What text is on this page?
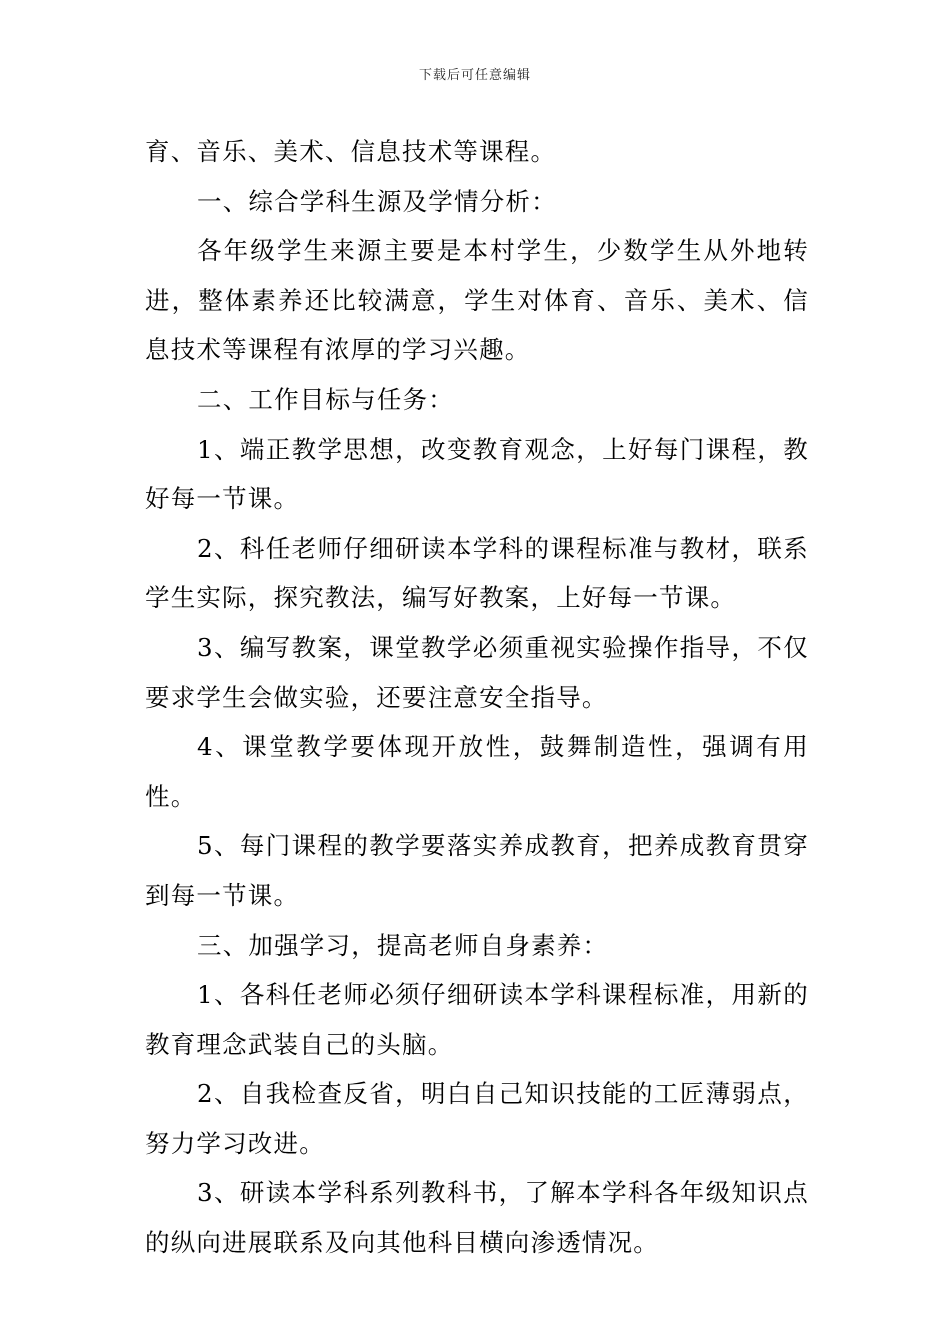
下载后可任意编辑

育、音乐、美术、信息技术等课程。

一、综合学科生源及学情分析：

各年级学生来源主要是本村学生，少数学生从外地转进，整体素养还比较满意，学生对体育、音乐、美术、信息技术等课程有浓厚的学习兴趣。

二、工作目标与任务：

1、端正教学思想，改变教育观念，上好每门课程，教好每一节课。

2、科任老师仔细研读本学科的课程标准与教材，联系学生实际，探究教法，编写好教案，上好每一节课。

3、编写教案，课堂教学必须重视实验操作指导，不仅要求学生会做实验，还要注意安全指导。

4、课堂教学要体现开放性，鼓舞制造性，强调有用性。

5、每门课程的教学要落实养成教育，把养成教育贯穿到每一节课。

三、加强学习，提高老师自身素养：

1、各科任老师必须仔细研读本学科课程标准，用新的教育理念武装自己的头脑。

2、自我检查反省，明白自己知识技能的工匠薄弱点，努力学习改进。

3、研读本学科系列教科书，了解本学科各年级知识点的纵向进展联系及向其他科目横向渗透情况。
